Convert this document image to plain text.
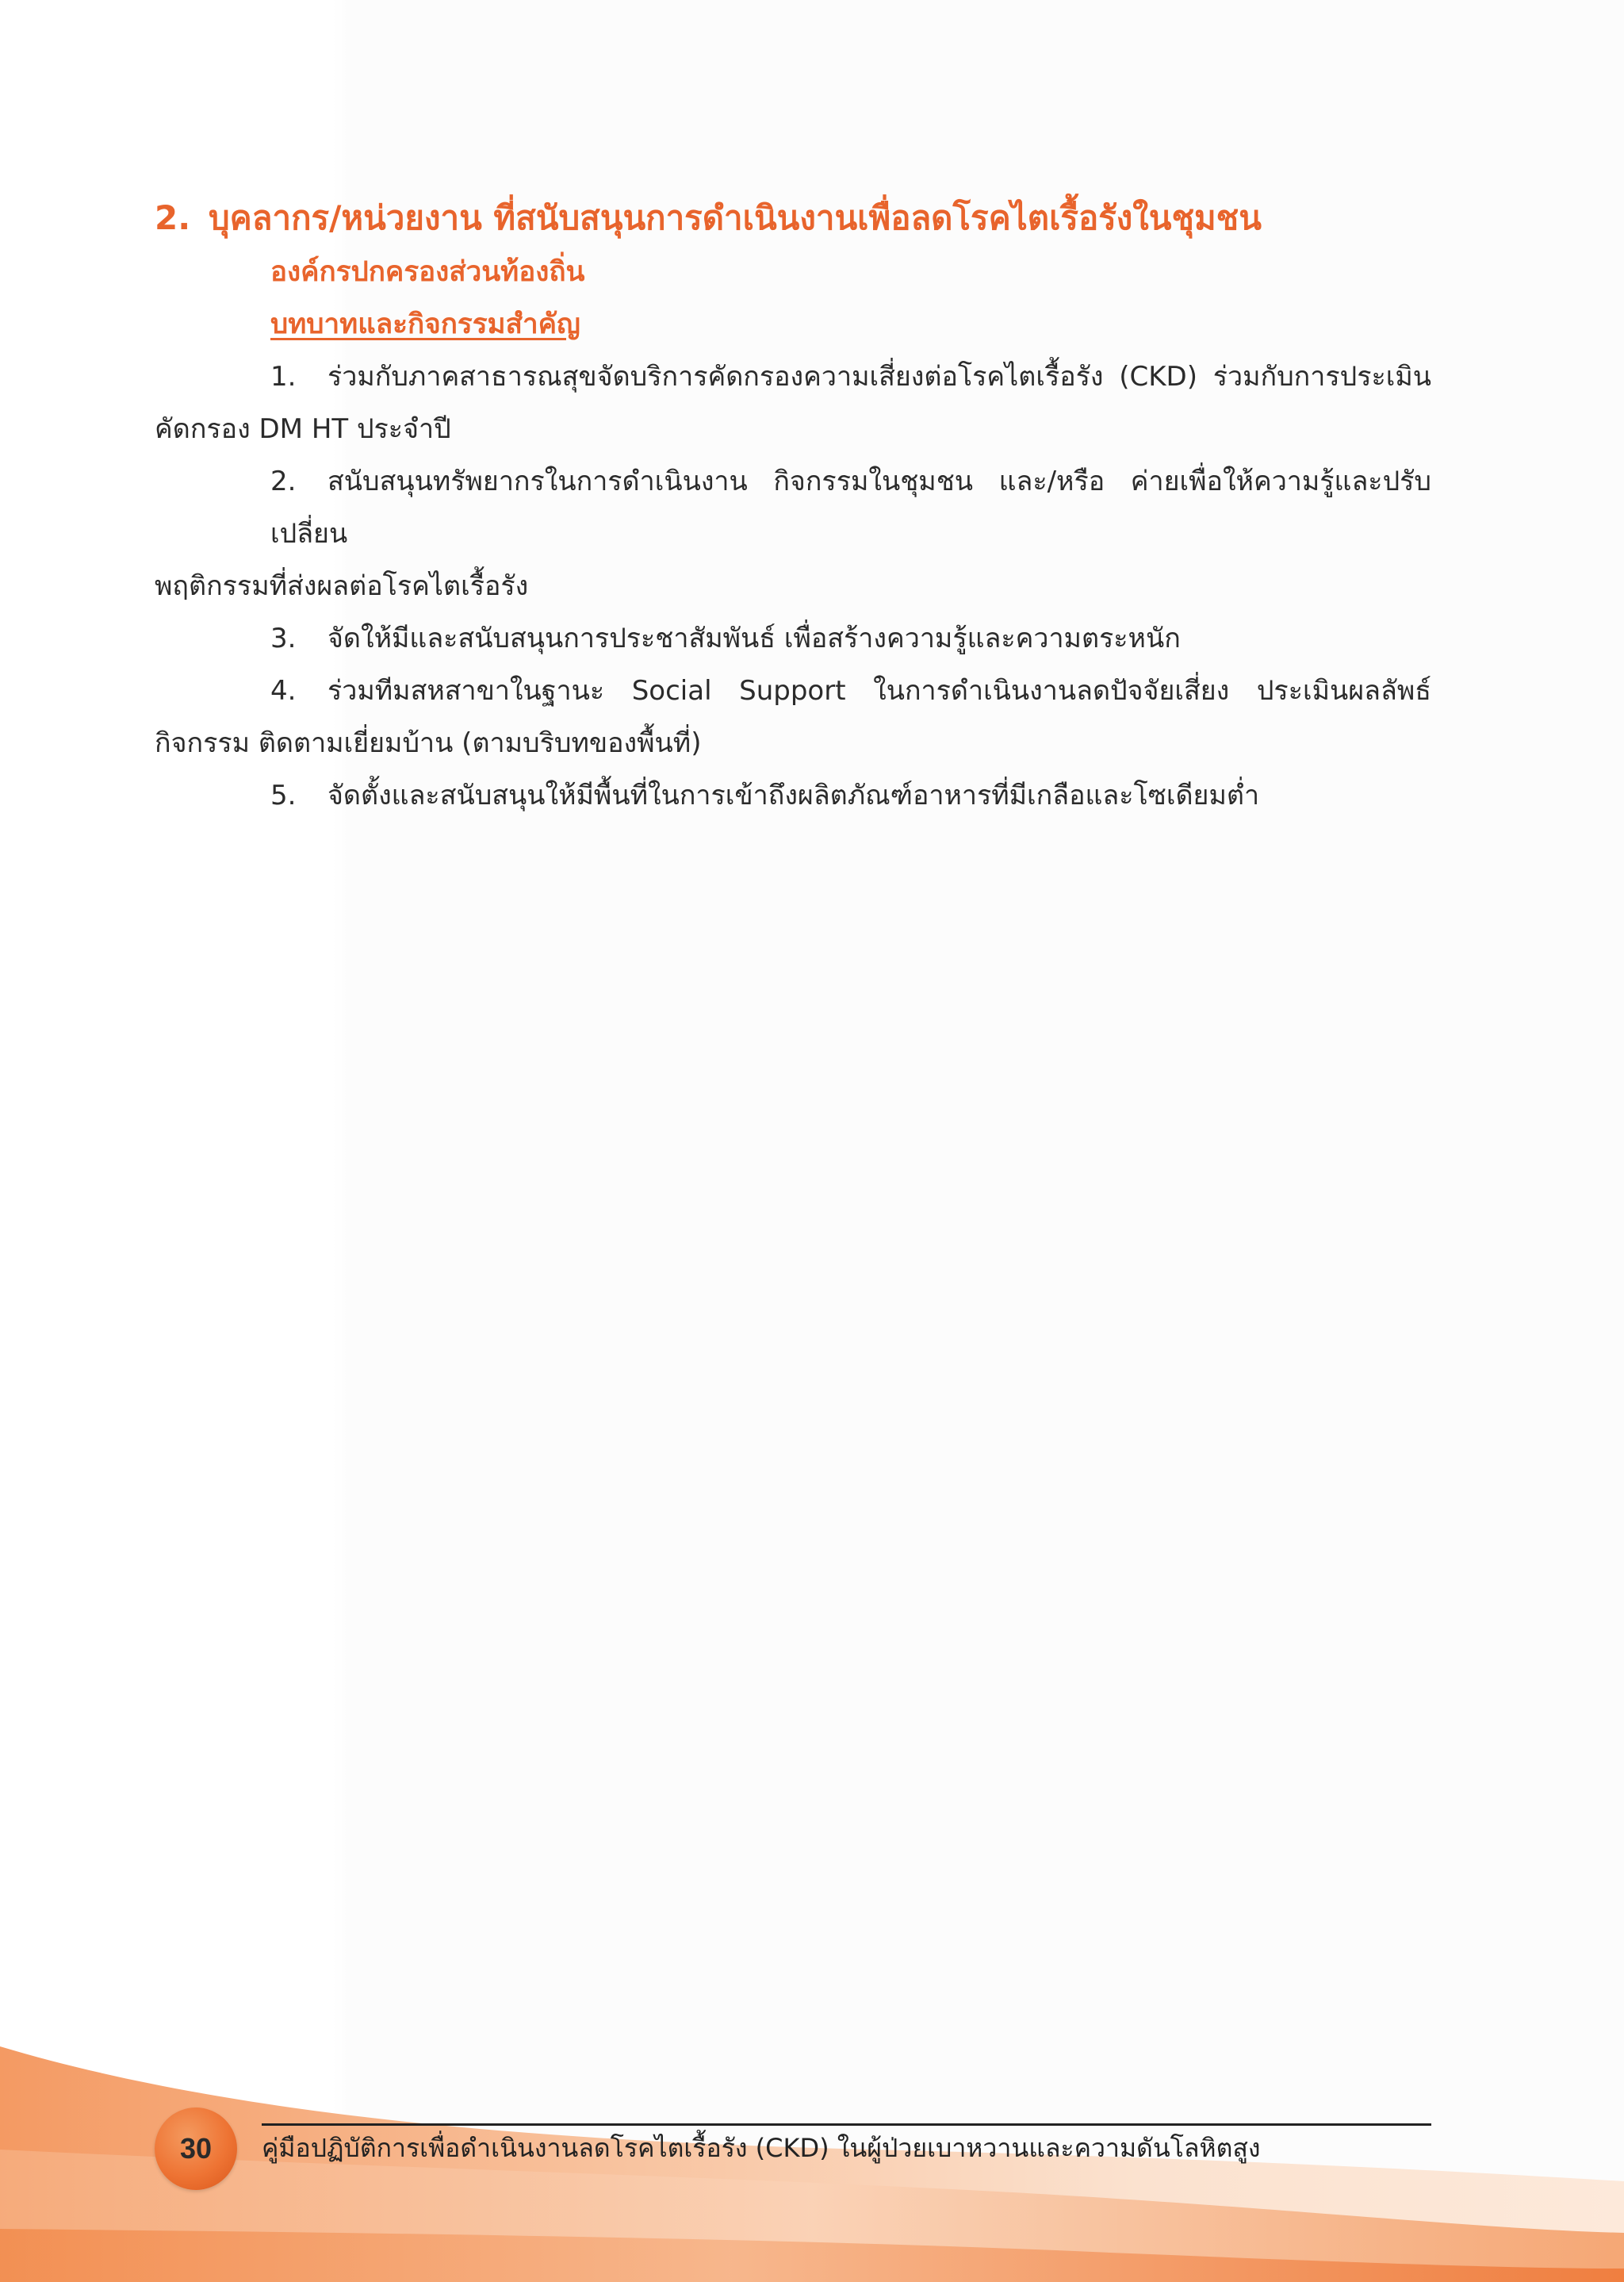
2. บุคลากร/หน่วยงาน ที่สนับสนุนการดำเนินงานเพื่อลดโรคไตเรื้อรังในชุมชน

องค์กรปกครองส่วนท้องถิ่น

บทบาทและกิจกรรมสำคัญ

1. ร่วมกับภาคสาธารณสุขจัดบริการคัดกรองความเสี่ยงต่อโรคไตเรื้อรัง (CKD) ร่วมกับการประเมิน
คัดกรอง DM HT ประจำปี
2. สนับสนุนทรัพยากรในการดำเนินงาน กิจกรรมในชุมชน และ/หรือ ค่ายเพื่อให้ความรู้และปรับเปลี่ยน
พฤติกรรมที่ส่งผลต่อโรคไตเรื้อรัง
3. จัดให้มีและสนับสนุนการประชาสัมพันธ์ เพื่อสร้างความรู้และความตระหนัก
4. ร่วมทีมสหสาขาในฐานะ Social Support ในการดำเนินงานลดปัจจัยเสี่ยง ประเมินผลลัพธ์
กิจกรรม ติดตามเยี่ยมบ้าน (ตามบริบทของพื้นที่)
5. จัดตั้งและสนับสนุนให้มีพื้นที่ในการเข้าถึงผลิตภัณฑ์อาหารที่มีเกลือและโซเดียมต่ำ
30 คู่มือปฏิบัติการเพื่อดำเนินงานลดโรคไตเรื้อรัง (CKD) ในผู้ป่วยเบาหวานและความดันโลหิตสูง
